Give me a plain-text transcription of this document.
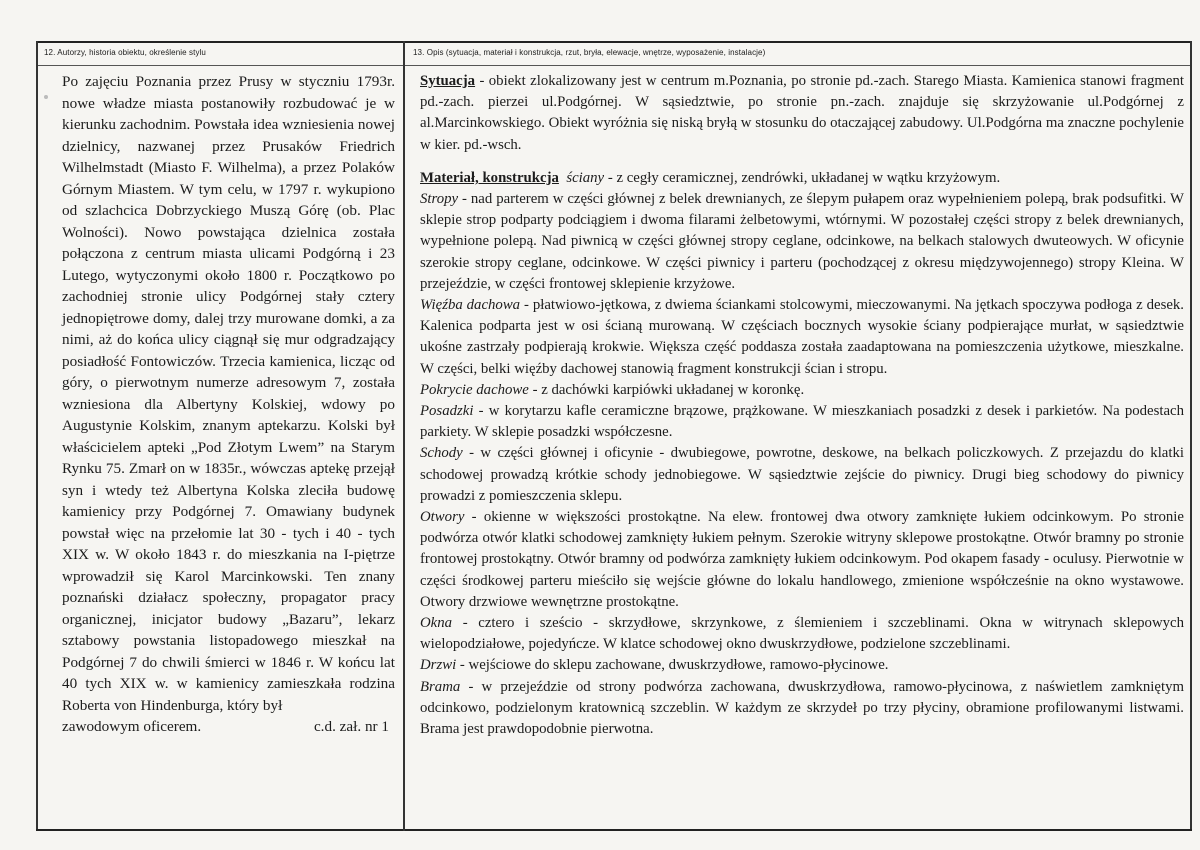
12. Autorzy, historia obiektu, określenie stylu	13. Opis (sytuacja, materiał i konstrukcja, rzut, bryła, elewacje, wnętrze, wyposażenie, instalacje)

Po zajęciu Poznania przez Prusy w styczniu 1793r. nowe władze miasta postanowiły rozbudować je w kierunku zachodnim. Powstała idea wzniesienia nowej dzielnicy, nazwanej przez Prusaków Friedrich Wilhelmstadt (Miasto F. Wilhelma), a przez Polaków Górnym Miastem. W tym celu, w 1797 r. wykupiono od szlachcica Dobrzyckiego Muszą Górę (ob. Plac Wolności). Nowo powstająca dzielnica została połączona z centrum miasta ulicami Podgórną i 23 Lutego, wytyczonymi około 1800 r. Początkowo po zachodniej stronie ulicy Podgórnej stały cztery jednopiętrowe domy, dalej trzy murowane domki, a za nimi, aż do końca ulicy ciągnął się mur odgradzający posiadłość Fontowiczów. Trzecia kamienica, licząc od góry, o pierwotnym numerze adresowym 7, została wzniesiona dla Albertyny Kolskiej, wdowy po Augustynie Kolskim, znanym aptekarzu. Kolski był właścicielem apteki „Pod Złotym Lwem” na Starym Rynku 75. Zmarł on w 1835r., wówczas aptekę przejął syn i wtedy też Albertyna Kolska zleciła budowę kamienicy przy Podgórnej 7. Omawiany budynek powstał więc na przełomie lat 30 - tych i 40 - tych XIX w. W około 1843 r. do mieszkania na I-piętrze wprowadził się Karol Marcinkowski. Ten znany poznański działacz społeczny, propagator pracy organicznej, inicjator budowy „Bazaru”, lekarz sztabowy powstania listopadowego mieszkał na Podgórnej 7 do chwili śmierci w 1846 r. W końcu lat 40 tych XIX w. w kamienicy zamieszkała rodzina Roberta von Hindenburga, który był

zawodowym oficerem.	c.d. zał. nr 1

Sytuacja - obiekt zlokalizowany jest w centrum m.Poznania, po stronie pd.-zach. Starego Miasta. Kamienica stanowi fragment pd.-zach. pierzei ul.Podgórnej. W sąsiedztwie, po stronie pn.-zach. znajduje się skrzyżowanie ul.Podgórnej z al.Marcinkowskiego. Obiekt wyróżnia się niską bryłą w stosunku do otaczającej zabudowy. Ul.Podgórna ma znaczne pochylenie w kier. pd.-wsch.

Materiał, konstrukcja ściany - z cegły ceramicznej, zendrówki, układanej w wątku krzyżowym.

Stropy - nad parterem w części głównej z belek drewnianych, ze ślepym pułapem oraz wypełnieniem polepą, brak podsufitki. W sklepie strop podparty podciągiem i dwoma filarami żelbetowymi, wtórnymi. W pozostałej części stropy z belek drewnianych, wypełnione polepą. Nad piwnicą w części głównej stropy ceglane, odcinkowe, na belkach stalowych dwuteowych. W oficynie szerokie stropy ceglane, odcinkowe. W części piwnicy i parteru (pochodzącej z okresu międzywojennego) stropy Kleina. W przejeździe, w części frontowej sklepienie krzyżowe.

Więźba dachowa - płatwiowo-jętkowa, z dwiema ściankami stolcowymi, mieczowanymi. Na jętkach spoczywa podłoga z desek. Kalenica podparta jest w osi ścianą murowaną. W częściach bocznych wysokie ściany podpierające murłat, w sąsiedztwie ukośne zastrzały podpierają krokwie. Większa część poddasza została zaadaptowana na pomieszczenia użytkowe, mieszkalne. W części, belki więźby dachowej stanowią fragment konstrukcji ścian i stropu.

Pokrycie dachowe - z dachówki karpiówki układanej w koronkę.

Posadzki - w korytarzu kafle ceramiczne brązowe, prążkowane. W mieszkaniach posadzki z desek i parkietów. Na podestach parkiety. W sklepie posadzki współczesne.

Schody - w części głównej i oficynie - dwubiegowe, powrotne, deskowe, na belkach policzkowych. Z przejazdu do klatki schodowej prowadzą krótkie schody jednobiegowe. W sąsiedztwie zejście do piwnicy. Drugi bieg schodowy do piwnicy prowadzi z pomieszczenia sklepu.

Otwory - okienne w większości prostokątne. Na elew. frontowej dwa otwory zamknięte łukiem odcinkowym. Po stronie podwórza otwór klatki schodowej zamknięty łukiem pełnym. Szerokie witryny sklepowe prostokątne. Otwór bramny po stronie frontowej prostokątny. Otwór bramny od podwórza zamknięty łukiem odcinkowym. Pod okapem fasady - oculusy. Pierwotnie w części środkowej parteru mieściło się wejście główne do lokalu handlowego, zmienione współcześnie na okno wystawowe. Otwory drzwiowe wewnętrzne prostokątne.

Okna - cztero i sześcio - skrzydłowe, skrzynkowe, z ślemieniem i szczeblinami. Okna w witrynach sklepowych wielopodziałowe, pojedyńcze. W klatce schodowej okno dwuskrzydłowe, podzielone szczeblinami.

Drzwi - wejściowe do sklepu zachowane, dwuskrzydłowe, ramowo-płycinowe.

Brama - w przejeździe od strony podwórza zachowana, dwuskrzydłowa, ramowo-płycinowa, z naświetlem zamkniętym odcinkowo, podzielonym kratownicą szczeblin. W każdym ze skrzydeł po trzy płyciny, obramione profilowanymi listwami. Brama jest prawdopodobnie pierwotna.
